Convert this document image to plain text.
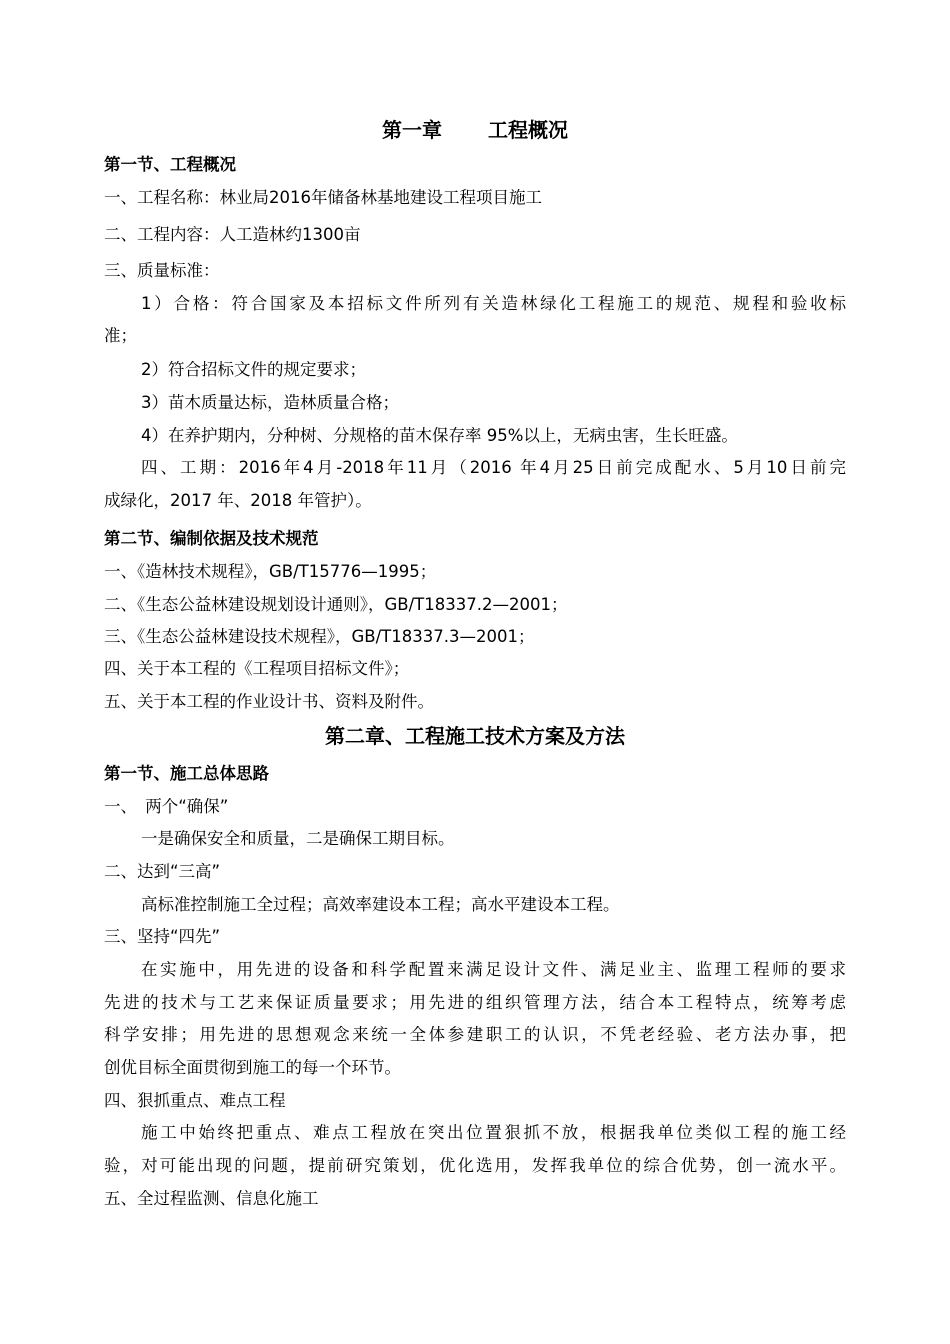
第一章 工程概况

第一节、工程概况

一、工程名称：林业局2016年储备林基地建设工程项目施工

二、工程内容：人工造林约1300亩

三、质量标准：

1）合格：符合国家及本招标文件所列有关造林绿化工程施工的规范、规程和验收标

准；

2）符合招标文件的规定要求；

3）苗木质量达标，造林质量合格；

4）在养护期内，分种树、分规格的苗木保存率 95%以上，无病虫害，生长旺盛。

四、工期：2016年4月-2018年11月（2016 年4月25日前完成配水、5月10日前完

成绿化，2017 年、2018 年管护）。

第二节、编制依据及技术规范

一、《造林技术规程》，GB/T15776—1995；

二、《生态公益林建设规划设计通则》，GB/T18337.2—2001；

三、《生态公益林建设技术规程》，GB/T18337.3—2001；

四、关于本工程的《工程项目招标文件》；

五、关于本工程的作业设计书、资料及附件。

第二章、工程施工技术方案及方法

第一节、施工总体思路

一、　两个“确保”

一是确保安全和质量，二是确保工期目标。

二、达到“三高”

高标准控制施工全过程；高效率建设本工程；高水平建设本工程。

三、坚持“四先”

在实施中，用先进的设备和科学配置来满足设计文件、满足业主、监理工程师的要求

先进的技术与工艺来保证质量要求；用先进的组织管理方法，结合本工程特点，统筹考虑

科学安排；用先进的思想观念来统一全体参建职工的认识，不凭老经验、老方法办事，把

创优目标全面贯彻到施工的每一个环节。

四、狠抓重点、难点工程

施工中始终把重点、难点工程放在突出位置狠抓不放，根据我单位类似工程的施工经

验，对可能出现的问题，提前研究策划，优化选用，发挥我单位的综合优势，创一流水平。

五、全过程监测、信息化施工
